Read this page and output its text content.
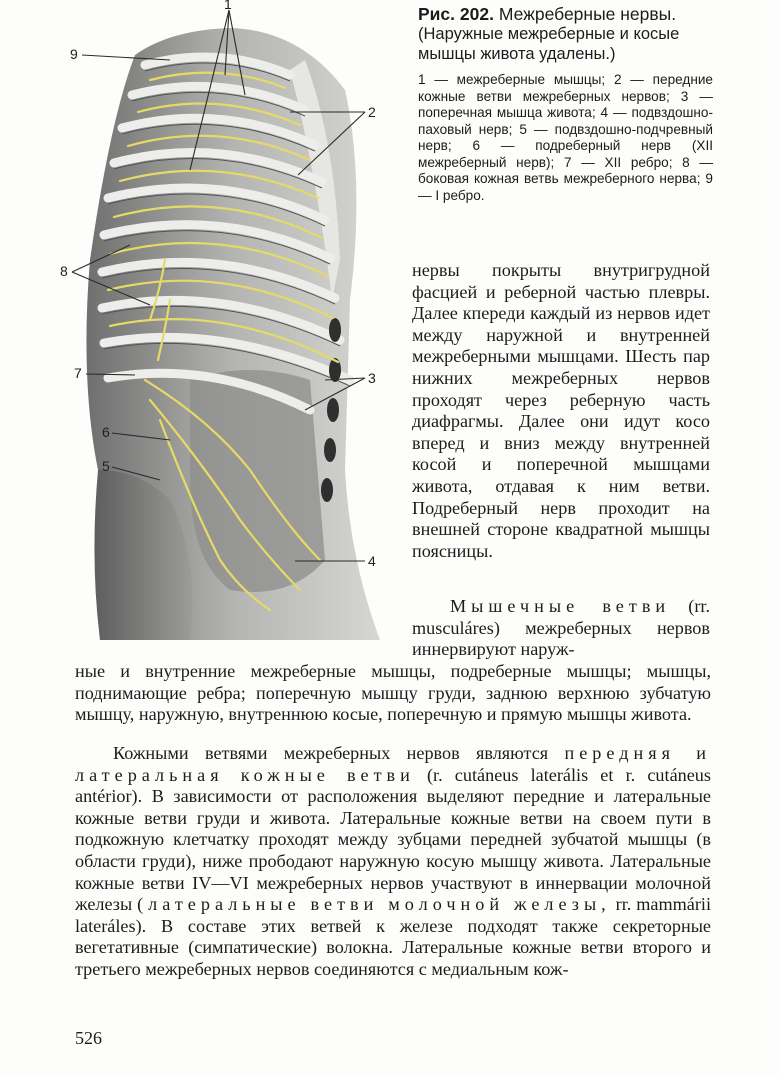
1
2
3
4
5
6
7
8
9

Рис. 202. Межреберные нервы.

(Наружные межреберные и косые мышцы живота удалены.)

1 — межреберные мышцы; 2 — передние кожные ветви межреберных нервов; 3 — поперечная мышца живота; 4 — подвздошно-паховый нерв; 5 — подвздошно-подчревный нерв; 6 — подреберный нерв (XII межреберный нерв); 7 — XII ребро; 8 — боковая кожная ветвь межреберного нерва; 9 — I ребро.

нервы покрыты внутригрудной фасцией и реберной частью плевры. Далее кпереди каждый из нервов идет между наружной и внутренней межреберными мышцами. Шесть пар нижних межреберных нервов проходят через реберную часть диафрагмы. Далее они идут косо вперед и вниз между внутренней косой и поперечной мышцами живота, отдавая к ним ветви. Подреберный нерв проходит на внешней стороне квадратной мышцы поясницы.

Мышечные ветви (rr. musculáres) межреберных нервов иннервируют наруж-

ные и внутренние межреберные мышцы, подреберные мышцы; мышцы, поднимающие ребра; поперечную мышцу груди, заднюю верхнюю зубчатую мышцу, наружную, внутреннюю косые, поперечную и прямую мышцы живота.

Кожными ветвями межреберных нервов являются передняя и латеральная кожные ветви (r. cutáneus laterális et r. cutáneus antérior). В зависимости от расположения выделяют передние и латеральные кожные ветви груди и живота. Латеральные кожные ветви на своем пути в подкожную клетчатку проходят между зубцами передней зубчатой мышцы (в области груди), ниже прободают наружную косую мышцу живота. Латеральные кожные ветви IV—VI межреберных нервов участвуют в иннервации молочной железы (латеральные ветви молочной железы, rr. mammárii lateráles). В составе этих ветвей к железе подходят также секреторные вегетативные (симпатические) волокна. Латеральные кожные ветви второго и третьего межреберных нервов соединяются с медиальным кож-

526
